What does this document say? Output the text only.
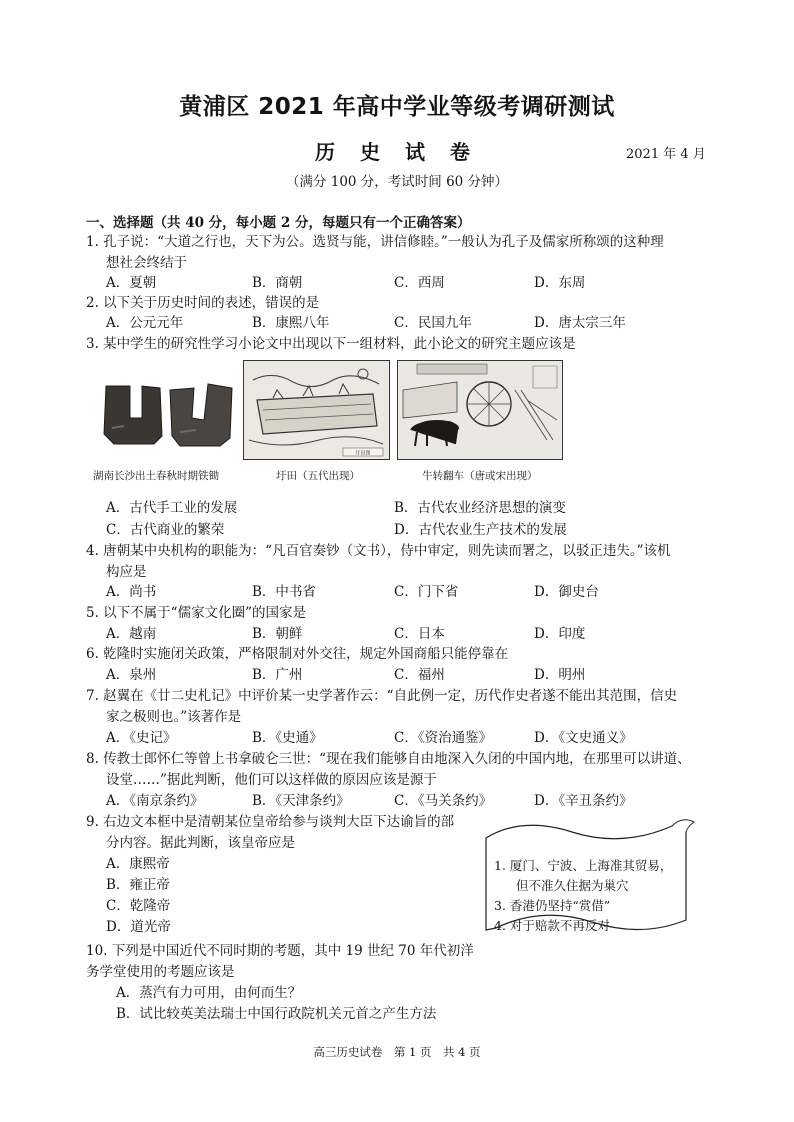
黄浦区 2021 年高中学业等级考调研测试
历 史 试 卷	2021 年 4 月
（满分 100 分，考试时间 60 分钟）
一、选择题（共 40 分，每小题 2 分，每题只有一个正确答案）
1. 孔子说：“大道之行也，天下为公。选贤与能，讲信修睦。”一般认为孔子及儒家所称颂的这种理
想社会终结于
A．夏朝	B．商朝	C．西周	D．东周
2. 以下关于历史时间的表述，错误的是
A．公元元年	B．康熙八年	C．民国九年	D．唐太宗三年
3. 某中学生的研究性学习小论文中出现以下一组材料，此小论文的研究主题应该是
圩田图
湖南长沙出土春秋时期铁锄	圩田（五代出现）	牛转翻车（唐或宋出现）
A．古代手工业的发展	B．古代农业经济思想的演变
C．古代商业的繁荣	D．古代农业生产技术的发展
4. 唐朝某中央机构的职能为：“凡百官奏钞（文书），侍中审定，则先读而署之，以驳正违失。”该机
构应是
A．尚书	B．中书省	C．门下省	D．御史台
5. 以下不属于“儒家文化圈”的国家是
A．越南	B．朝鲜	C．日本	D．印度
6. 乾隆时实施闭关政策，严格限制对外交往，规定外国商船只能停靠在
A．泉州	B．广州	C．福州	D．明州
7. 赵翼在《廿二史札记》中评价某一史学著作云：“自此例一定，历代作史者遂不能出其范围，信史
家之极则也。”该著作是
A．《史记》	B．《史通》	C．《资治通鉴》	D．《文史通义》
8. 传教士郎怀仁等曾上书拿破仑三世：“现在我们能够自由地深入久闭的中国内地，在那里可以讲道、
设堂……”据此判断，他们可以这样做的原因应该是源于
A．《南京条约》	B．《天津条约》	C．《马关条约》	D．《辛丑条约》
9. 右边文本框中是清朝某位皇帝给参与谈判大臣下达谕旨的部
分内容。据此判断，该皇帝应是
A．康熙帝
B．雍正帝
C．乾隆帝
D．道光帝
1. 厦门、宁波、上海准其贸易，
但不准久住据为巢穴
3. 香港仍坚持“赏借”
4. 对于赔款不再反对
10. 下列是中国近代不同时期的考题，其中 19 世纪 70 年代初洋
务学堂使用的考题应该是
A．蒸汽有力可用，由何而生？
B．试比较英美法瑞士中国行政院机关元首之产生方法
高三历史试卷　第 1 页　共 4 页
